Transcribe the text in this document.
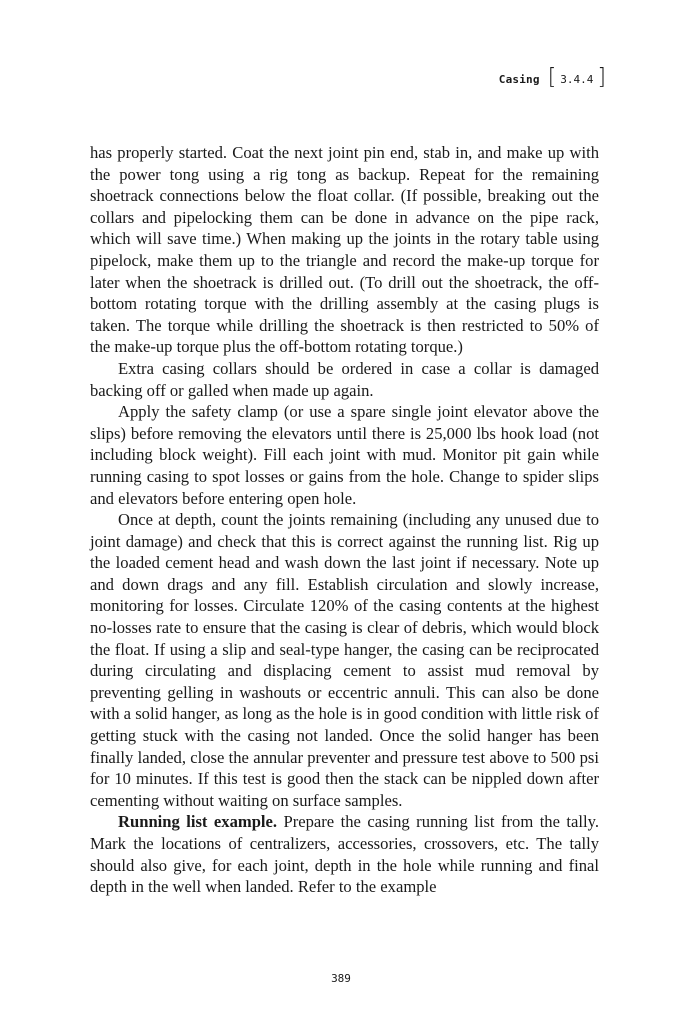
Casing [ 3.4.4 ]

has properly started. Coat the next joint pin end, stab in, and make up with the power tong using a rig tong as backup. Repeat for the remaining shoetrack connections below the float collar. (If possible, breaking out the collars and pipelocking them can be done in advance on the pipe rack, which will save time.) When making up the joints in the rotary table using pipelock, make them up to the triangle and record the make-up torque for later when the shoetrack is drilled out. (To drill out the shoetrack, the off-bottom rotating torque with the drilling assembly at the casing plugs is taken. The torque while drilling the shoetrack is then restricted to 50% of the make-up torque plus the off-bottom rotating torque.)

Extra casing collars should be ordered in case a collar is damaged backing off or galled when made up again.

Apply the safety clamp (or use a spare single joint elevator above the slips) before removing the elevators until there is 25,000 lbs hook load (not including block weight). Fill each joint with mud. Monitor pit gain while running casing to spot losses or gains from the hole. Change to spider slips and elevators before entering open hole.

Once at depth, count the joints remaining (including any unused due to joint damage) and check that this is correct against the running list. Rig up the loaded cement head and wash down the last joint if necessary. Note up and down drags and any fill. Establish circulation and slowly increase, monitoring for losses. Circulate 120% of the casing contents at the highest no-losses rate to ensure that the casing is clear of debris, which would block the float. If using a slip and seal-type hanger, the casing can be reciprocated during circulating and displacing cement to assist mud removal by preventing gelling in washouts or eccentric annuli. This can also be done with a solid hanger, as long as the hole is in good condition with little risk of getting stuck with the casing not landed. Once the solid hanger has been finally landed, close the annular preventer and pressure test above to 500 psi for 10 minutes. If this test is good then the stack can be nippled down after cementing without waiting on surface samples.

Running list example. Prepare the casing running list from the tally. Mark the locations of centralizers, accessories, crossovers, etc. The tally should also give, for each joint, depth in the hole while running and final depth in the well when landed. Refer to the example

389
